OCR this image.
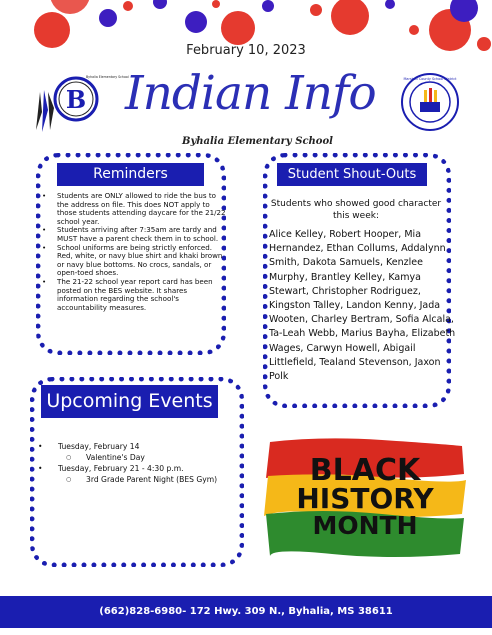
February 10, 2023
B
Byhalia Elementary School
Indian Info	Marshall County School District
Byhalia Elementary School
Reminders
• Students are ONLY allowed to ride the bus to the address on file. This does NOT apply to those students attending daycare for the 21/22 school year.
• Students arriving after 7:35am are tardy and MUST have a parent check them in to school.
• School uniforms are being strictly enforced. Red, white, or navy blue shirt and khaki brown or navy blue bottoms. No crocs, sandals, or open-toed shoes.
• The 21-22 school year report card has been posted on the BES website. It shares information regarding the school's accountability measures.
Student Shout-Outs
Students who showed good character this week:
Alice Kelley, Robert Hooper, Mia Hernandez, Ethan Collums, Addalynn Smith, Dakota Samuels, Kenzlee Murphy, Brantley Kelley, Kamya Stewart, Christopher Rodriguez, Kingston Talley, Landon Kenny, Jada Wooten, Charley Bertram, Sofia Alcala, Ta-Leah Webb, Marius Bayha, Elizabeth Wages, Carwyn Howell, Abigail Littlefield, Tealand Stevenson, Jaxon Polk
Upcoming Events
• Tuesday, February 14
○ Valentine's Day
• Tuesday, February 21 - 4:30 p.m.
○ 3rd Grade Parent Night (BES Gym)	BLACK
HISTORY
MONTH
(662)828-6980- 172 Hwy. 309 N., Byhalia, MS 38611
